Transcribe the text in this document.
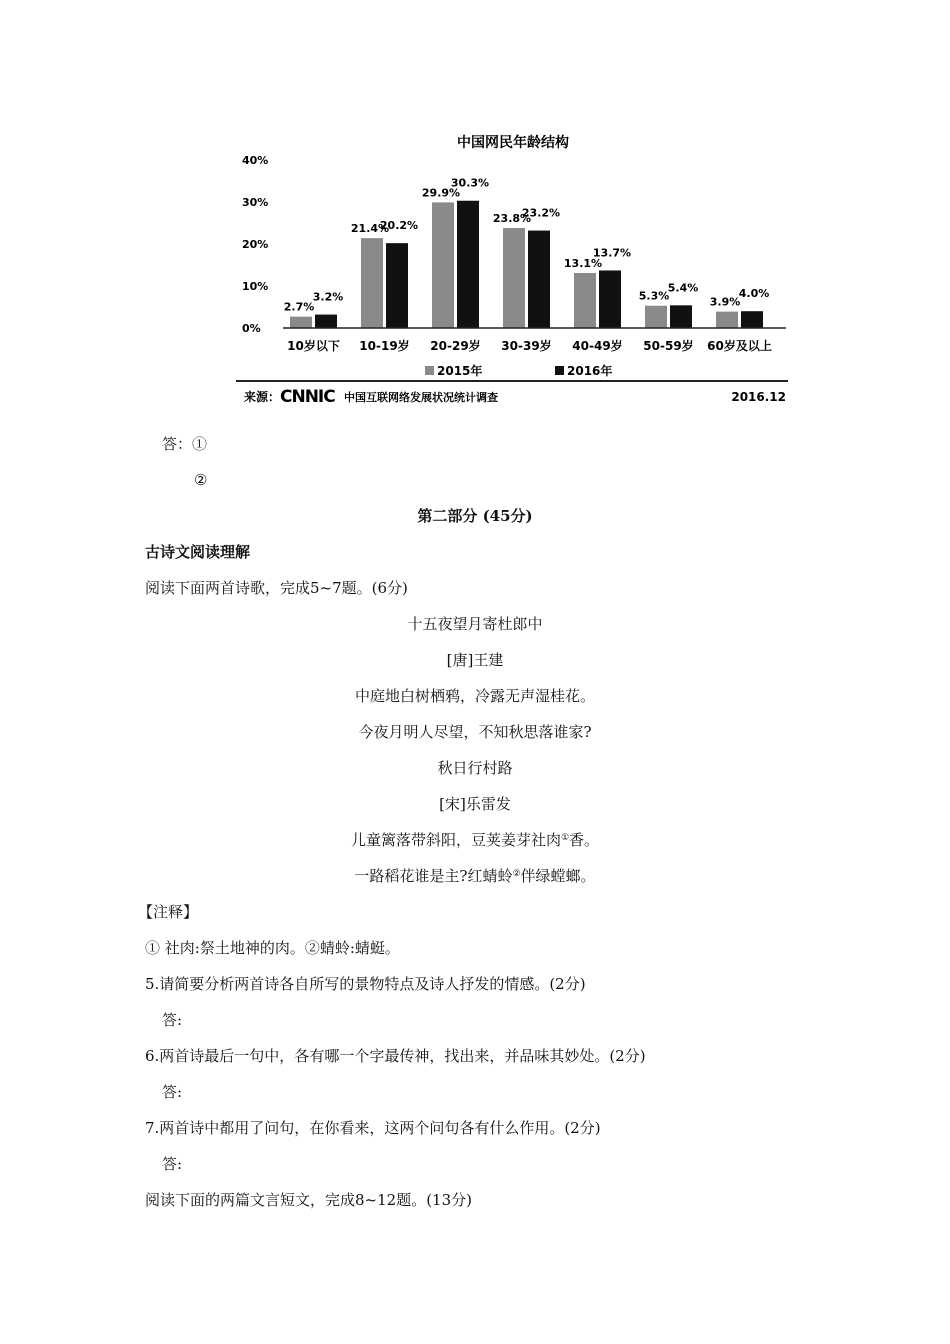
中国网民年龄结构
0%
10%
20%
30%
40%
2.7%
3.2%
21.4%
20.2%
29.9%
30.3%
23.8%
23.2%
13.1%
13.7%
5.3%
5.4%
3.9%
4.0%
10岁以下 10-19岁 20-29岁 30-39岁 40-49岁 50-59岁 60岁及以上
2015年	2016年
来源： CNNIC 中国互联网络发展状况统计调查	2016.12
答：①
②
第二部分 (45分)
古诗文阅读理解
阅读下面两首诗歌，完成5~7题。(6分)
十五夜望月寄杜郎中
[唐]王建
中庭地白树栖鸦，冷露无声湿桂花。
今夜月明人尽望，不知秋思落谁家?
秋日行村路
[宋]乐雷发
儿童篱落带斜阳，豆荚姜芽社肉①香。
一路稻花谁是主?红蜻蛉②伴绿螳螂。
【注释】
① 社肉:祭土地神的肉。②蜻蛉:蜻蜓。
5.请简要分析两首诗各自所写的景物特点及诗人抒发的情感。(2分)
答:
6.两首诗最后一句中，各有哪一个字最传神，找出来，并品味其妙处。(2分)
答:
7.两首诗中都用了问句，在你看来，这两个问句各有什么作用。(2分)
答:
阅读下面的两篇文言短文，完成8~12题。(13分)
